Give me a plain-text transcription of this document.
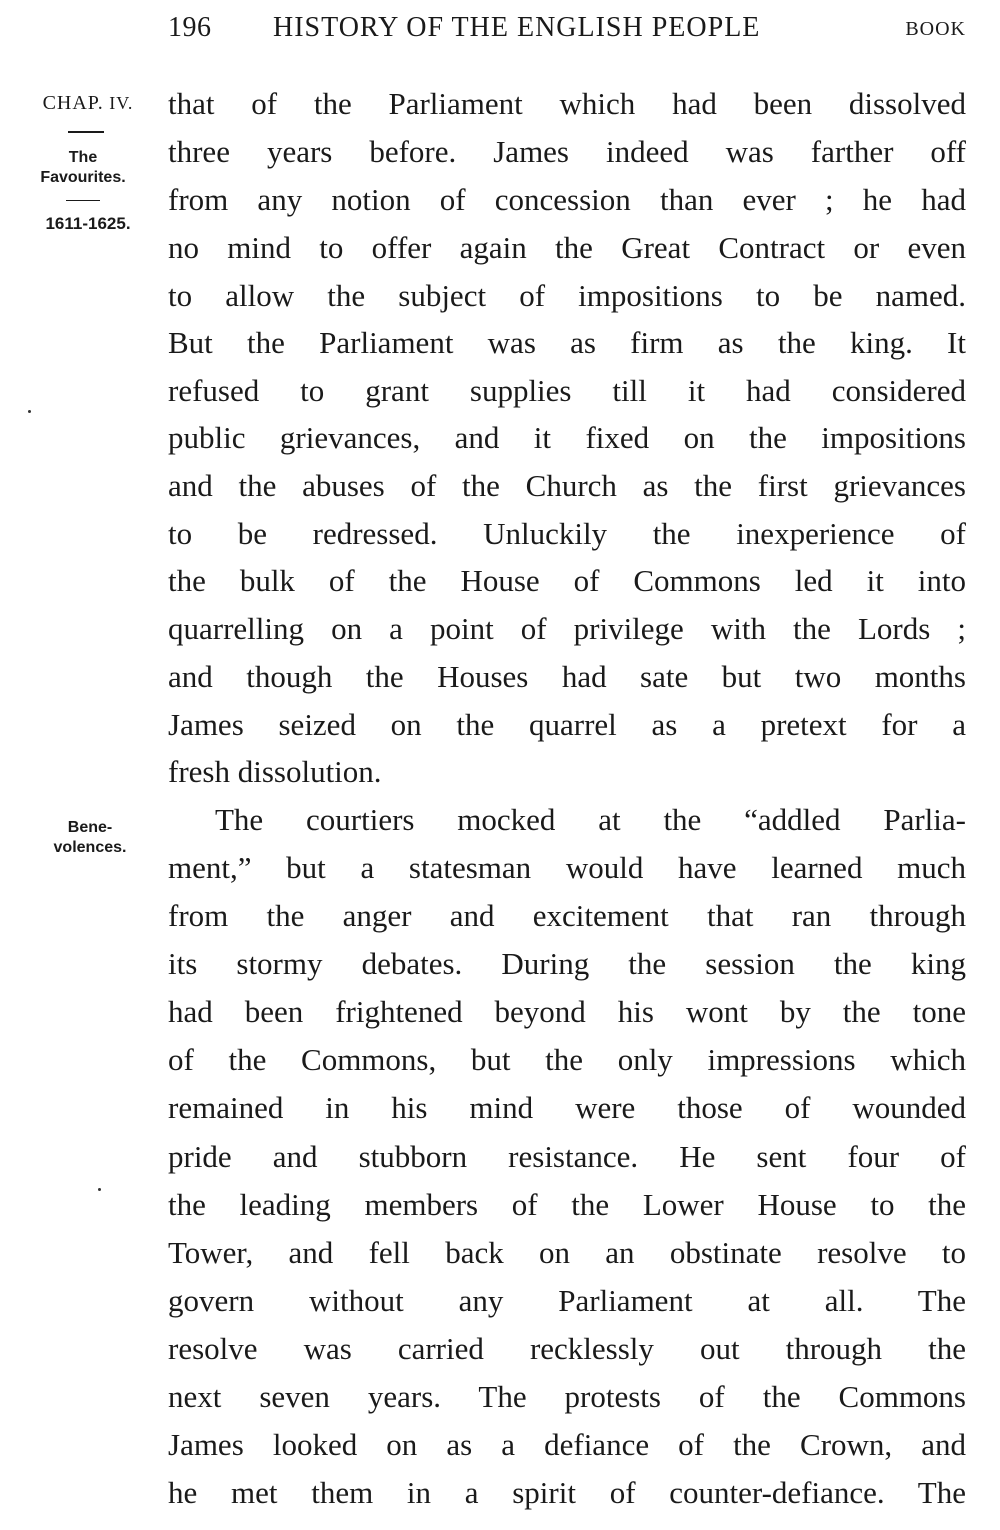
196 HISTORY OF THE ENGLISH PEOPLE	BOOK
CHAP. IV.
The
Favourites.
1611-1625.
Bene-
volences.
that of the Parliament which had been dissolved
three years before. James indeed was farther off
from any notion of concession than ever ; he had
no mind to offer again the Great Contract or even
to allow the subject of impositions to be named.
But the Parliament was as firm as the king. It
refused to grant supplies till it had considered
public grievances, and it fixed on the impositions
and the abuses of the Church as the first grievances
to be redressed. Unluckily the inexperience of
the bulk of the House of Commons led it into
quarrelling on a point of privilege with the Lords ;
and though the Houses had sate but two months
James seized on the quarrel as a pretext for a
fresh dissolution.
The courtiers mocked at the “addled Parlia-
ment,” but a statesman would have learned much
from the anger and excitement that ran through
its stormy debates. During the session the king
had been frightened beyond his wont by the tone
of the Commons, but the only impressions which
remained in his mind were those of wounded
pride and stubborn resistance. He sent four of
the leading members of the Lower House to the
Tower, and fell back on an obstinate resolve to
govern without any Parliament at all. The
resolve was carried recklessly out through the
next seven years. The protests of the Commons
James looked on as a defiance of the Crown, and
he met them in a spirit of counter-defiance. The
